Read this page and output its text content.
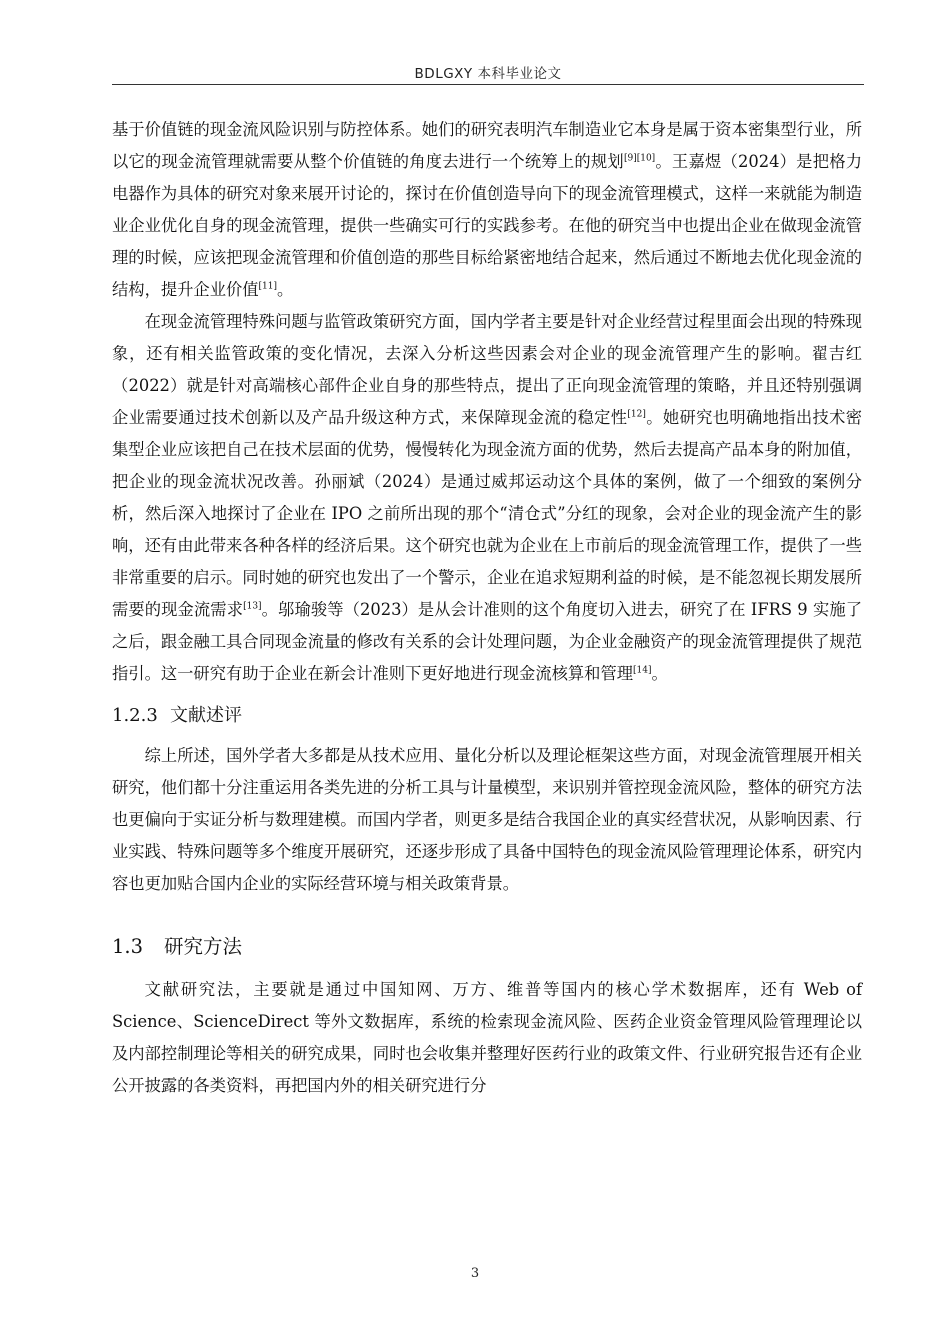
BDLGXY 本科毕业论文

基于价值链的现金流风险识别与防控体系。她们的研究表明汽车制造业它本身是属于资本密集型行业，所以它的现金流管理就需要从整个价值链的角度去进行一个统筹上的规划[9][10]。王嘉煜（2024）是把格力电器作为具体的研究对象来展开讨论的，探讨在价值创造导向下的现金流管理模式，这样一来就能为制造业企业优化自身的现金流管理，提供一些确实可行的实践参考。在他的研究当中也提出企业在做现金流管理的时候，应该把现金流管理和价值创造的那些目标给紧密地结合起来，然后通过不断地去优化现金流的结构，提升企业价值[11]。

在现金流管理特殊问题与监管政策研究方面，国内学者主要是针对企业经营过程里面会出现的特殊现象，还有相关监管政策的变化情况，去深入分析这些因素会对企业的现金流管理产生的影响。翟吉红（2022）就是针对高端核心部件企业自身的那些特点，提出了正向现金流管理的策略，并且还特别强调企业需要通过技术创新以及产品升级这种方式，来保障现金流的稳定性[12]。她研究也明确地指出技术密集型企业应该把自己在技术层面的优势，慢慢转化为现金流方面的优势，然后去提高产品本身的附加值，把企业的现金流状况改善。孙丽斌（2024）是通过威邦运动这个具体的案例，做了一个细致的案例分析，然后深入地探讨了企业在 IPO 之前所出现的那个“清仓式”分红的现象，会对企业的现金流产生的影响，还有由此带来各种各样的经济后果。这个研究也就为企业在上市前后的现金流管理工作，提供了一些非常重要的启示。同时她的研究也发出了一个警示，企业在追求短期利益的时候，是不能忽视长期发展所需要的现金流需求[13]。邬瑜骏等（2023）是从会计准则的这个角度切入进去，研究了在 IFRS 9 实施了之后，跟金融工具合同现金流量的修改有关系的会计处理问题，为企业金融资产的现金流管理提供了规范指引。这一研究有助于企业在新会计准则下更好地进行现金流核算和管理[14]。

1.2.3 文献述评

综上所述，国外学者大多都是从技术应用、量化分析以及理论框架这些方面，对现金流管理展开相关研究，他们都十分注重运用各类先进的分析工具与计量模型，来识别并管控现金流风险，整体的研究方法也更偏向于实证分析与数理建模。而国内学者，则更多是结合我国企业的真实经营状况，从影响因素、行业实践、特殊问题等多个维度开展研究，还逐步形成了具备中国特色的现金流风险管理理论体系，研究内容也更加贴合国内企业的实际经营环境与相关政策背景。

1.3 研究方法

文献研究法，主要就是通过中国知网、万方、维普等国内的核心学术数据库，还有 Web of Science、ScienceDirect 等外文数据库，系统的检索现金流风险、医药企业资金管理风险管理理论以及内部控制理论等相关的研究成果，同时也会收集并整理好医药行业的政策文件、行业研究报告还有企业公开披露的各类资料，再把国内外的相关研究进行分

3
